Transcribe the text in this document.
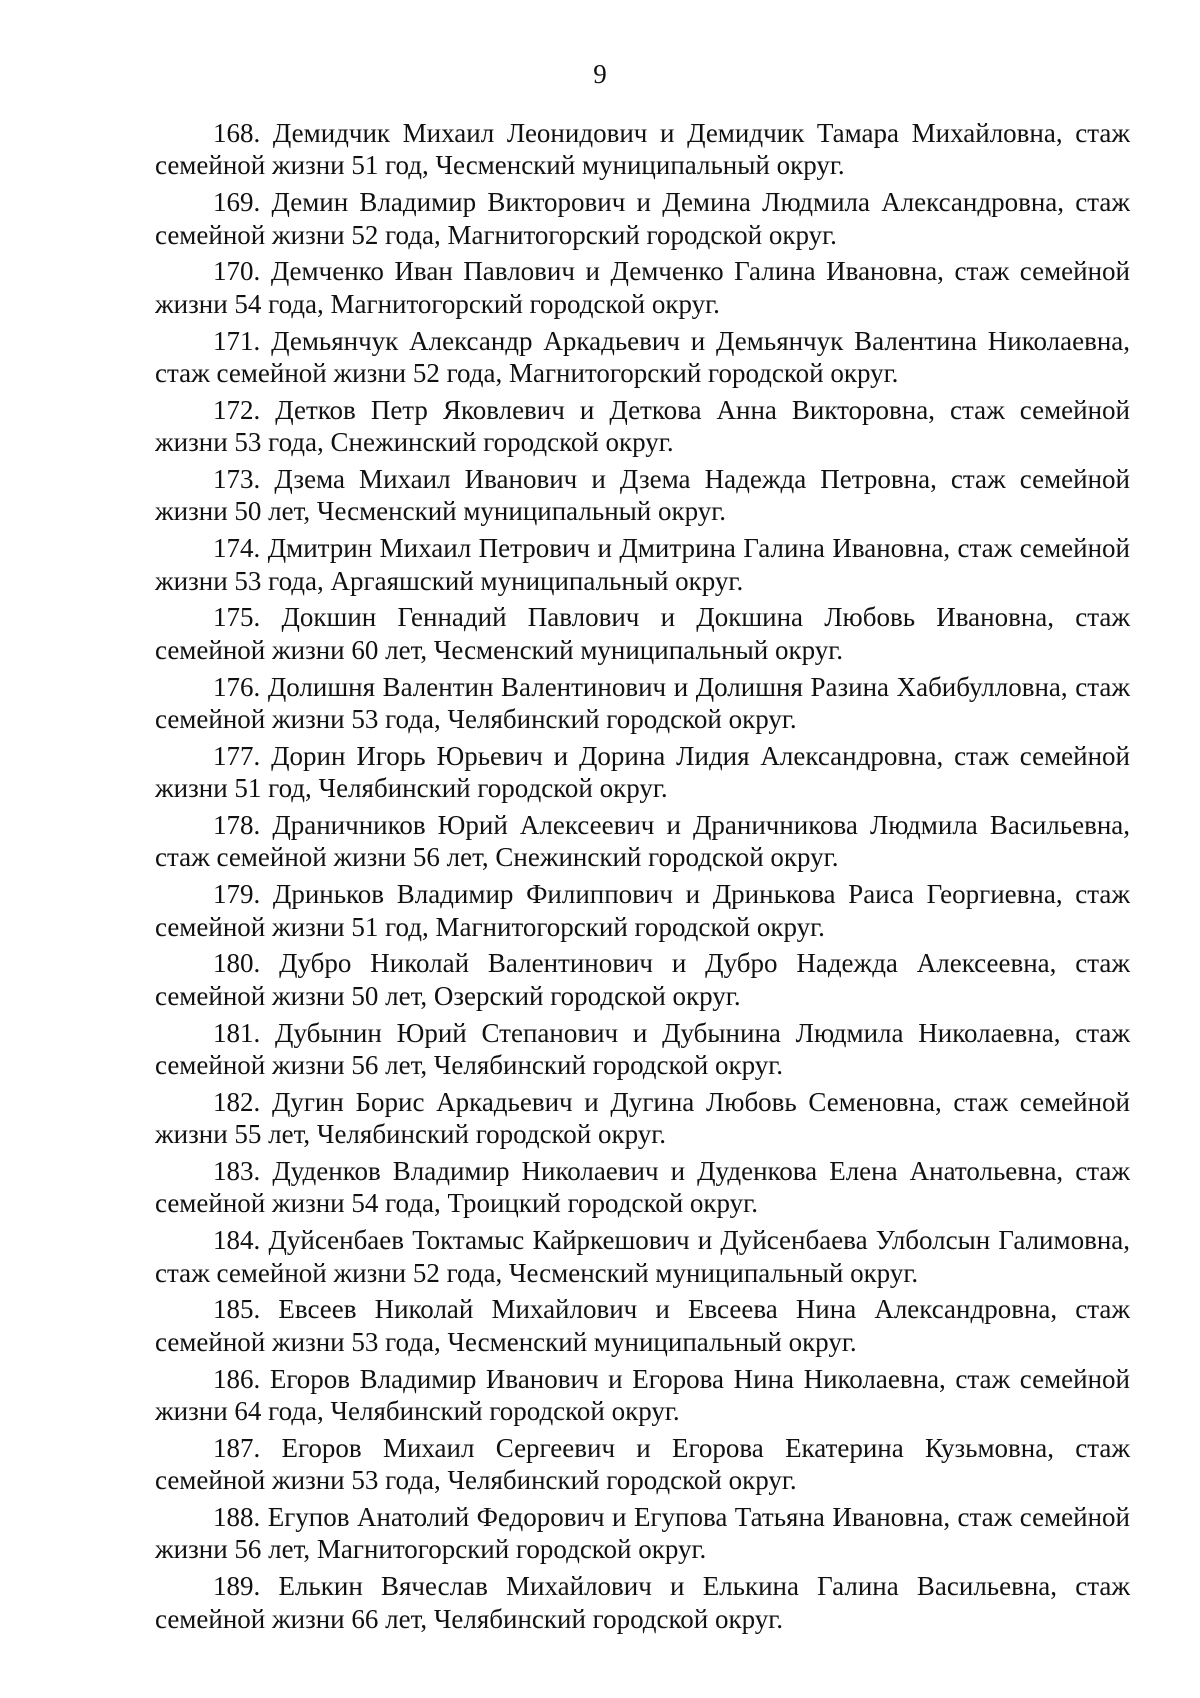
9

168. Демидчик Михаил Леонидович и Демидчик Тамара Михайловна, стаж семейной жизни 51 год, Чесменский муниципальный округ.

169. Демин Владимир Викторович и Демина Людмила Александровна, стаж семейной жизни 52 года, Магнитогорский городской округ.

170. Демченко Иван Павлович и Демченко Галина Ивановна, стаж семейной жизни 54 года, Магнитогорский городской округ.

171. Демьянчук Александр Аркадьевич и Демьянчук Валентина Николаевна, стаж семейной жизни 52 года, Магнитогорский городской округ.

172. Детков Петр Яковлевич и Деткова Анна Викторовна, стаж семейной жизни 53 года, Снежинский городской округ.

173. Дзема Михаил Иванович и Дзема Надежда Петровна, стаж семейной жизни 50 лет, Чесменский муниципальный округ.

174. Дмитрин Михаил Петрович и Дмитрина Галина Ивановна, стаж семейной жизни 53 года, Аргаяшский муниципальный округ.

175. Докшин Геннадий Павлович и Докшина Любовь Ивановна, стаж семейной жизни 60 лет, Чесменский муниципальный округ.

176. Долишня Валентин Валентинович и Долишня Разина Хабибулловна, стаж семейной жизни 53 года, Челябинский городской округ.

177. Дорин Игорь Юрьевич и Дорина Лидия Александровна, стаж семейной жизни 51 год, Челябинский городской округ.

178. Драничников Юрий Алексеевич и Драничникова Людмила Васильевна, стаж семейной жизни 56 лет, Снежинский городской округ.

179. Дриньков Владимир Филиппович и Дринькова Раиса Георгиевна, стаж семейной жизни 51 год, Магнитогорский городской округ.

180. Дубро Николай Валентинович и Дубро Надежда Алексеевна, стаж семейной жизни 50 лет, Озерский городской округ.

181. Дубынин Юрий Степанович и Дубынина Людмила Николаевна, стаж семейной жизни 56 лет, Челябинский городской округ.

182. Дугин Борис Аркадьевич и Дугина Любовь Семеновна, стаж семейной жизни 55 лет, Челябинский городской округ.

183. Дуденков Владимир Николаевич и Дуденкова Елена Анатольевна, стаж семейной жизни 54 года, Троицкий городской округ.

184. Дуйсенбаев Токтамыс Кайркешович и Дуйсенбаева Улболсын Галимовна, стаж семейной жизни 52 года, Чесменский муниципальный округ.

185. Евсеев Николай Михайлович и Евсеева Нина Александровна, стаж семейной жизни 53 года, Чесменский муниципальный округ.

186. Егоров Владимир Иванович и Егорова Нина Николаевна, стаж семейной жизни 64 года, Челябинский городской округ.

187. Егоров Михаил Сергеевич и Егорова Екатерина Кузьмовна, стаж семейной жизни 53 года, Челябинский городской округ.

188. Егупов Анатолий Федорович и Егупова Татьяна Ивановна, стаж семейной жизни 56 лет, Магнитогорский городской округ.

189. Елькин Вячеслав Михайлович и Елькина Галина Васильевна, стаж семейной жизни 66 лет, Челябинский городской округ.
